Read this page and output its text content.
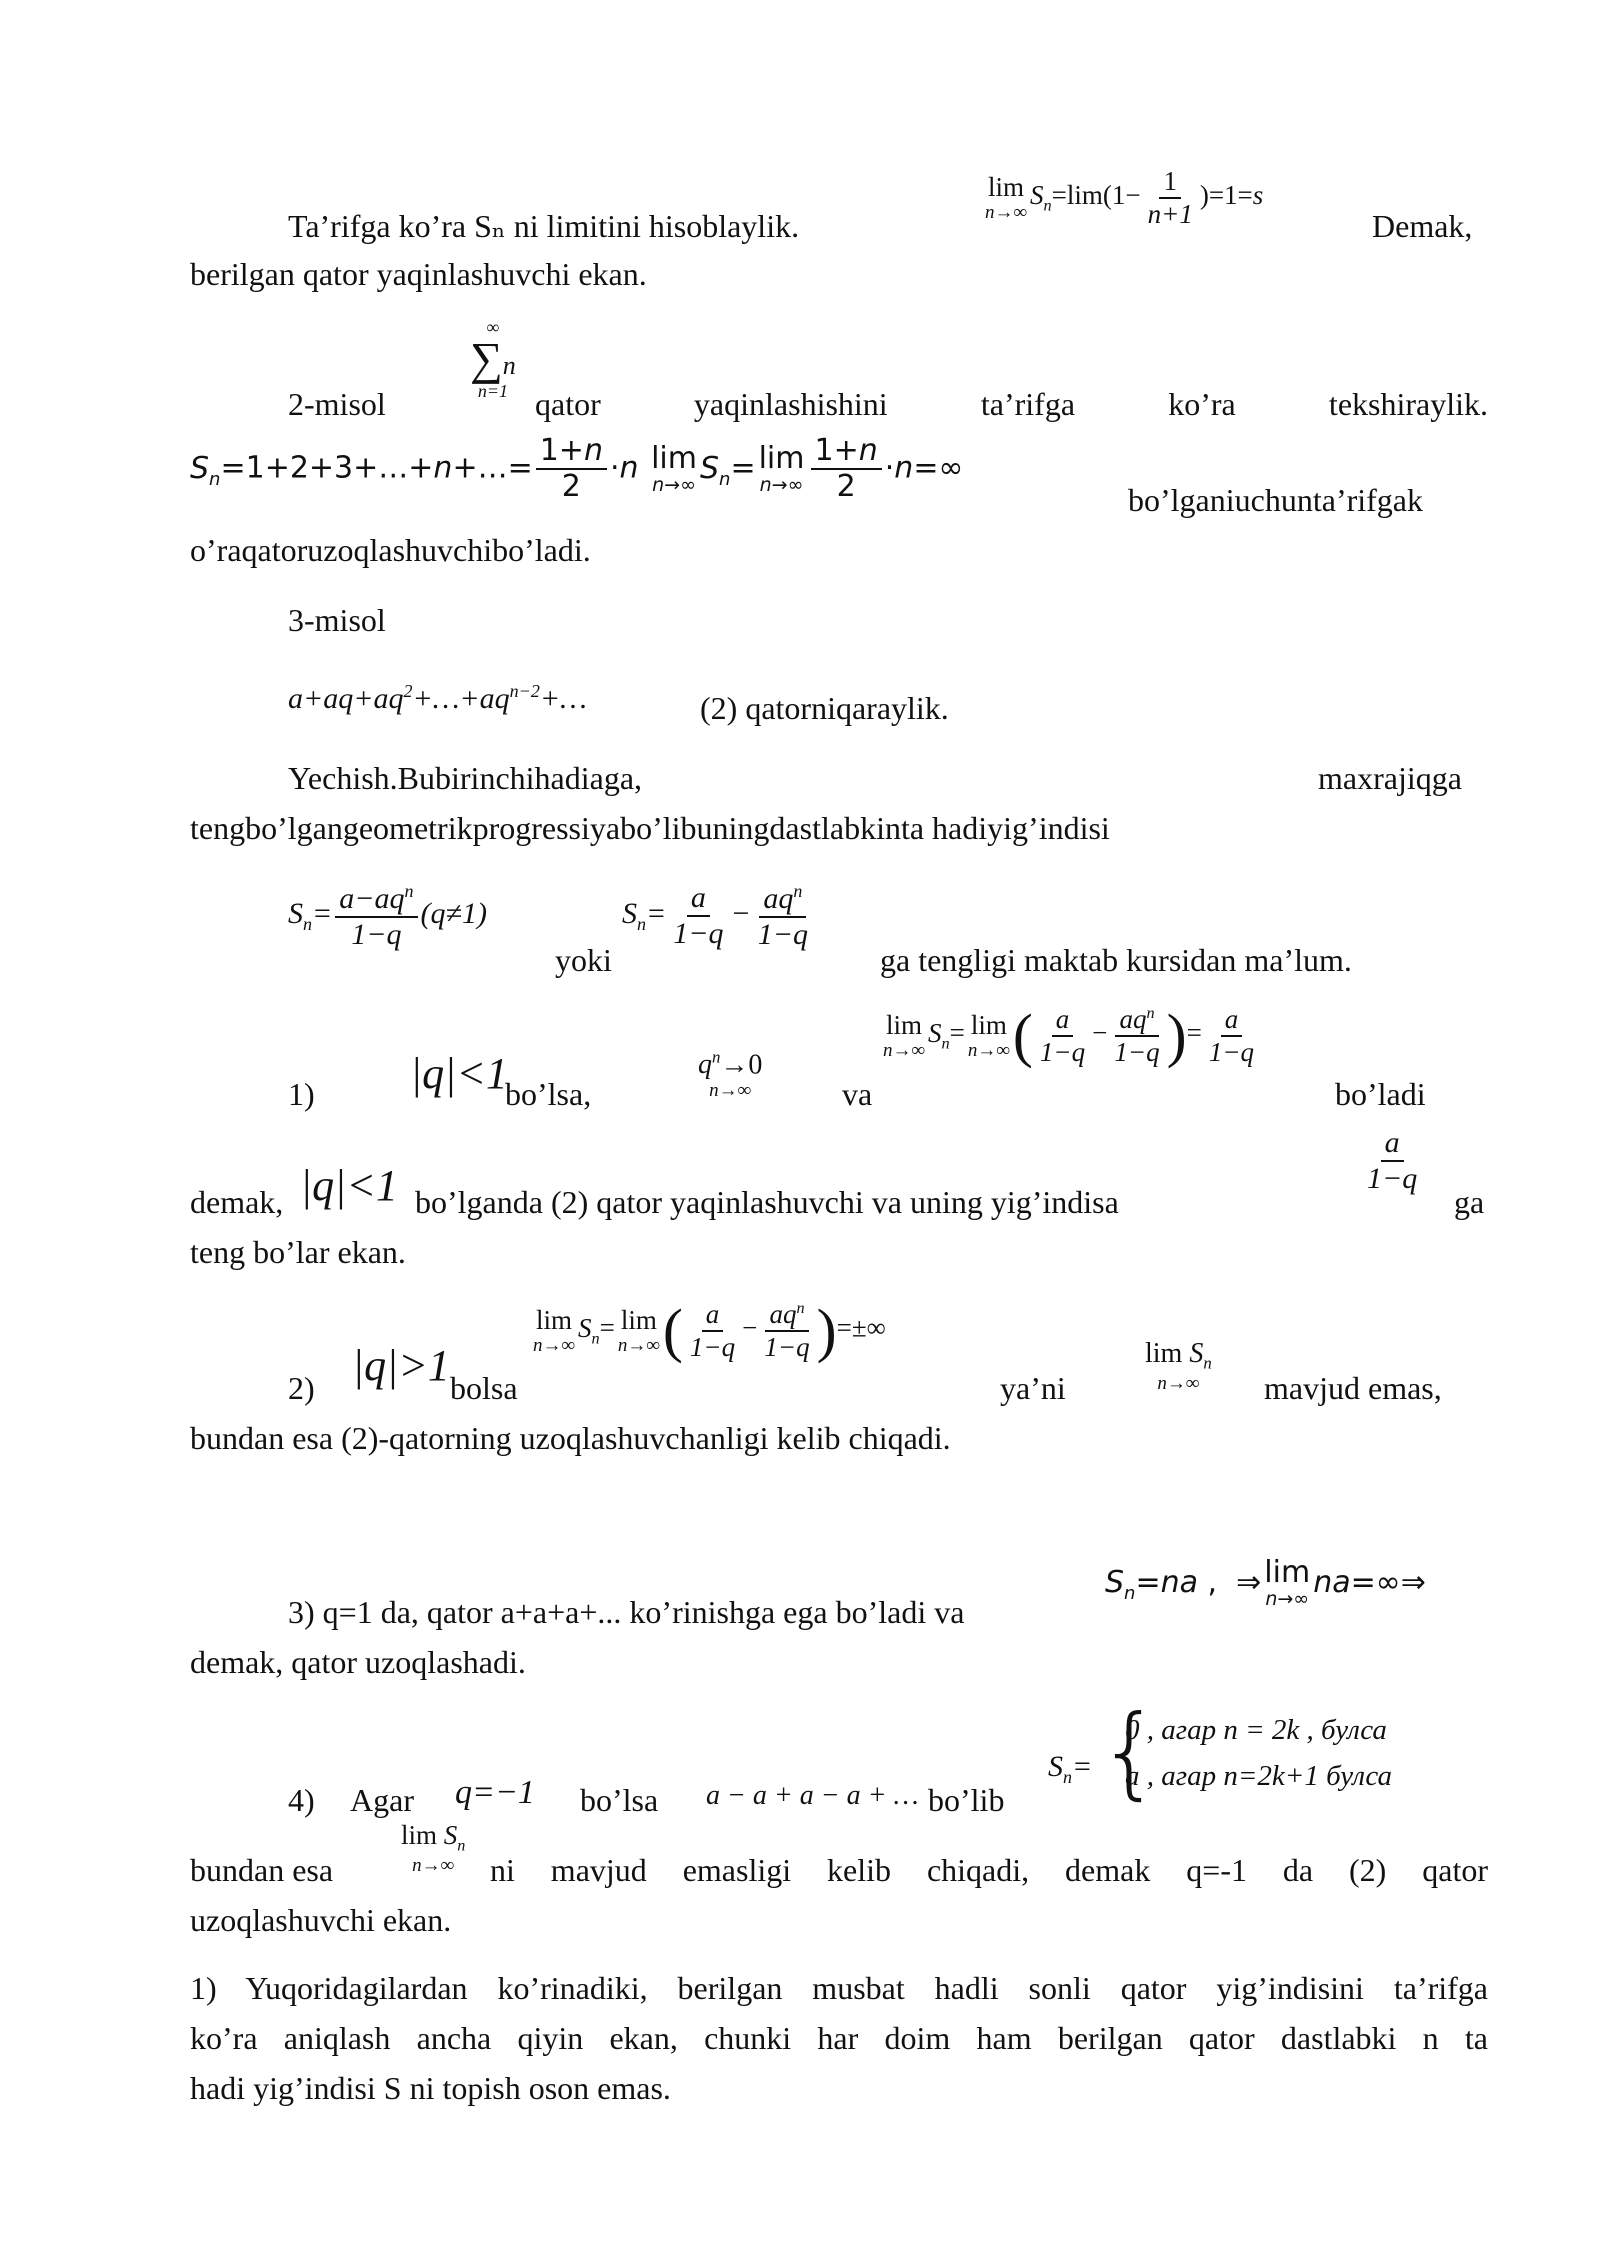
Ta’rifga ko’ra Sₙ ni limitini hisoblaylik.
lim
n→∞
$S_n=\lim(1- \frac{1}{n+1} )=1=s$
Demak,
berilgan qator yaqinlashuvchi ekan.
∞
∑n
n=1
2-misol	qator yaqinlashishini ta’rifga ko’ra tekshiraylik.
$S_n=1+2+3+\dots+n+\dots= \frac{1+n}{2} \cdot n$ lim
n→∞ $S_n= \lim$
$n\to\infty \frac{1+n}{2} \cdot n=\infty$
bo’lganiuchunta’rifgak
o’raqatoruzoqlashuvchibo’ladi.
3-misol
$a+aq+aq^2+\dots+aq^{n-2}+\dots$	(2) qatorniqaraylik.
Yechish.Bubirinchihadiaga,	maxrajiqga
tengbo’lgangeometrikprogressiyabo’libuningdastlabkinta hadiyig’indisi
$S_n= \frac{a-aq^n}{1-q} (q\ne 1)$
yoki
$S_n= \frac{a}{1-q} - \frac{aq^n}{1-q}$
ga tengligi maktab kursidan ma’lum.
1) |q|<1
bo’lsa,
$q^n\to 0$
n→∞	va
lim
n→∞
$S_n= \lim$
n→∞ ( $\frac{a}{1-q} - \frac{aq^n}{1-q}$ )= $\frac{a}{1-q}$
bo’ladi
demak, |q|<1 bo’lganda (2) qator yaqinlashuvchi va uning yig’indisa
$\frac{a}{1-q}$
ga
teng bo’lar ekan.
2) |q|>1 bolsa
lim
n→∞
$S_n= \lim$
n→∞ ( $\frac{a}{1-q} - \frac{aq^n}{1-q}$ )=±∞
ya’ni
$\lim S_n$
n→∞ mavjud emas,
bundan esa (2)-qatorning uzoqlashuvchanligi kelib chiqadi.
$S_n=na$ ,  ⇒ lim
n→∞ na=∞⇒
3) q=1 da, qator a+a+a+... ko’rinishga ega bo’ladi va
demak, qator uzoqlashadi.
4) Agar q=−1 bo’lsa a − a + a − a + … bo’lib
$S_n=$ {
0 , агар n = 2k , булса
a , агар n=2k+1 булса
bundan esa
$\lim S_n$
n→∞ ni mavjud emasligi kelib chiqadi, demak q=-1 da (2) qator
uzoqlashuvchi ekan.
1) Yuqoridagilardan ko’rinadiki, berilgan musbat hadli sonli qator yig’indisini ta’rifga
ko’ra aniqlash ancha qiyin ekan, chunki har doim ham berilgan qator dastlabki n ta
hadi yig’indisi S ni topish oson emas.
